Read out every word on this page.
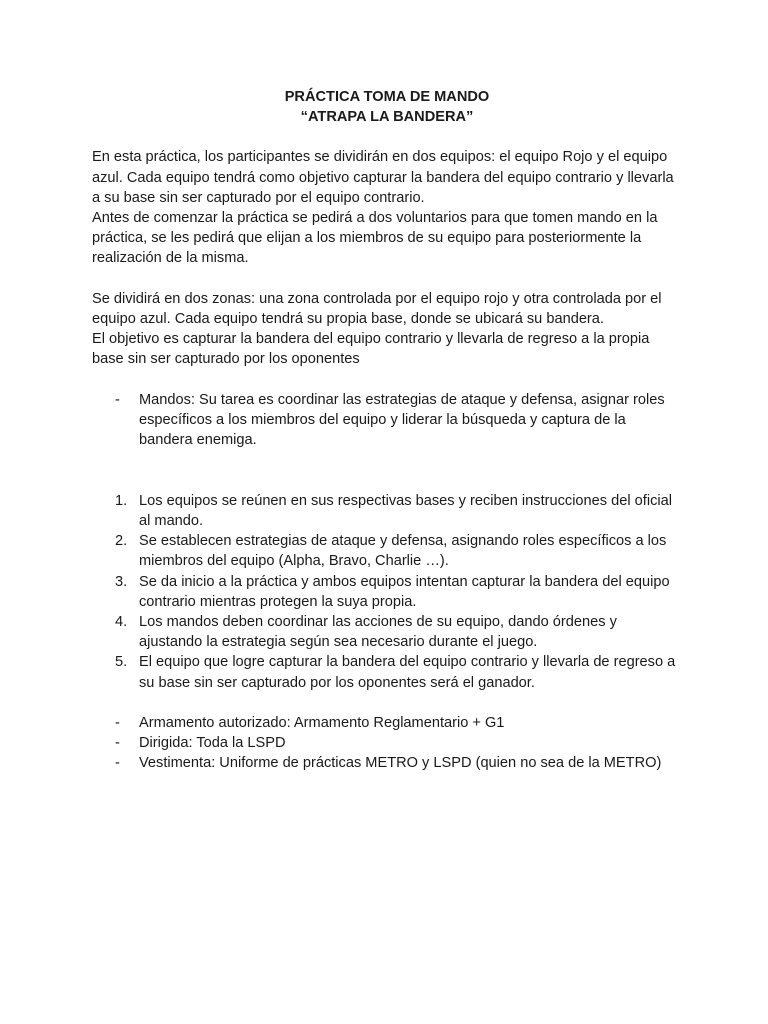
PRÁCTICA TOMA DE MANDO
“ATRAPA LA BANDERA”

En esta práctica, los participantes se dividirán en dos equipos: el equipo Rojo y el equipo azul. Cada equipo tendrá como objetivo capturar la bandera del equipo contrario y llevarla a su base sin ser capturado por el equipo contrario.

Antes de comenzar la práctica se pedirá a dos voluntarios para que tomen mando en la práctica, se les pedirá que elijan a los miembros de su equipo para posteriormente la realización de la misma.

Se dividirá en dos zonas: una zona controlada por el equipo rojo y otra controlada por el equipo azul. Cada equipo tendrá su propia base, donde se ubicará su bandera.

El objetivo es capturar la bandera del equipo contrario y llevarla de regreso a la propia base sin ser capturado por los oponentes

- Mandos: Su tarea es coordinar las estrategias de ataque y defensa, asignar roles específicos a los miembros del equipo y liderar la búsqueda y captura de la bandera enemiga.
1. Los equipos se reúnen en sus respectivas bases y reciben instrucciones del oficial al mando.
2. Se establecen estrategias de ataque y defensa, asignando roles específicos a los miembros del equipo (Alpha, Bravo, Charlie …).
3. Se da inicio a la práctica y ambos equipos intentan capturar la bandera del equipo contrario mientras protegen la suya propia.
4. Los mandos deben coordinar las acciones de su equipo, dando órdenes y ajustando la estrategia según sea necesario durante el juego.
5. El equipo que logre capturar la bandera del equipo contrario y llevarla de regreso a su base sin ser capturado por los oponentes será el ganador.
- Armamento autorizado: Armamento Reglamentario + G1
- Dirigida: Toda la LSPD
- Vestimenta: Uniforme de prácticas METRO y LSPD (quien no sea de la METRO)
